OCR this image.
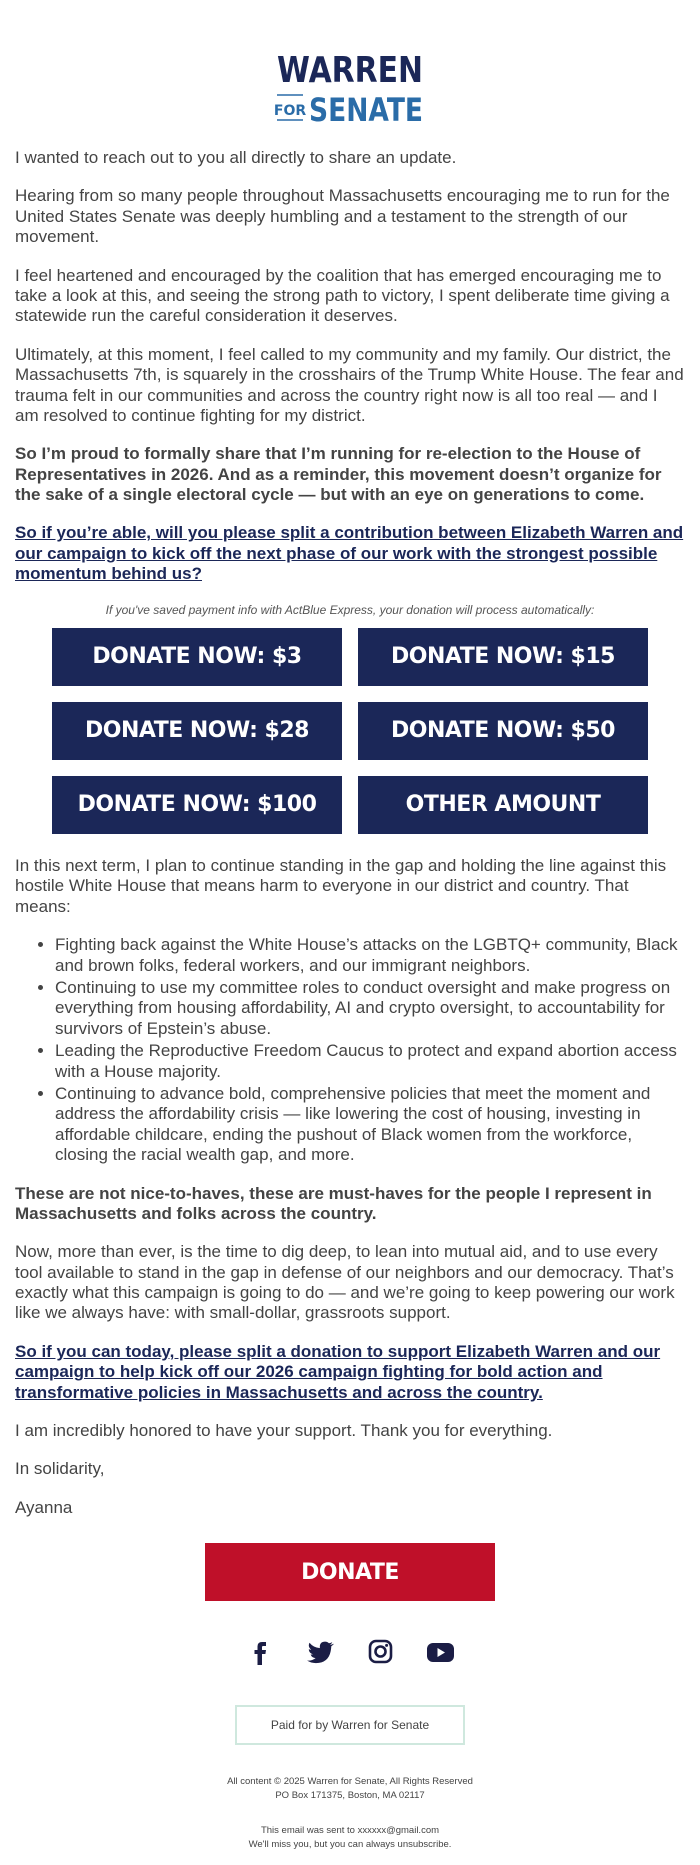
WARREN
FOR SENATE

I wanted to reach out to you all directly to share an update.

Hearing from so many people throughout Massachusetts encouraging me to run for the United States Senate was deeply humbling and a testament to the strength of our movement.

I feel heartened and encouraged by the coalition that has emerged encouraging me to take a look at this, and seeing the strong path to victory, I spent deliberate time giving a statewide run the careful consideration it deserves.

Ultimately, at this moment, I feel called to my community and my family. Our district, the Massachusetts 7th, is squarely in the crosshairs of the Trump White House. The fear and trauma felt in our communities and across the country right now is all too real — and I am resolved to continue fighting for my district.

So I’m proud to formally share that I’m running for re-election to the House of Representatives in 2026. And as a reminder, this movement doesn’t organize for the sake of a single electoral cycle — but with an eye on generations to come.

So if you’re able, will you please split a contribution between Elizabeth Warren and our campaign to kick off the next phase of our work with the strongest possible momentum behind us?

If you've saved payment info with ActBlue Express, your donation will process automatically:
DONATE NOW: $3	DONATE NOW: $15
DONATE NOW: $28	DONATE NOW: $50
DONATE NOW: $100	OTHER AMOUNT

In this next term, I plan to continue standing in the gap and holding the line against this hostile White House that means harm to everyone in our district and country. That means:

• Fighting back against the White House’s attacks on the LGBTQ+ community, Black and brown folks, federal workers, and our immigrant neighbors.
• Continuing to use my committee roles to conduct oversight and make progress on everything from housing affordability, AI and crypto oversight, to accountability for survivors of Epstein’s abuse.
• Leading the Reproductive Freedom Caucus to protect and expand abortion access with a House majority.
• Continuing to advance bold, comprehensive policies that meet the moment and address the affordability crisis — like lowering the cost of housing, investing in affordable childcare, ending the pushout of Black women from the workforce, closing the racial wealth gap, and more.

These are not nice-to-haves, these are must-haves for the people I represent in Massachusetts and folks across the country.

Now, more than ever, is the time to dig deep, to lean into mutual aid, and to use every tool available to stand in the gap in defense of our neighbors and our democracy. That’s exactly what this campaign is going to do — and we’re going to keep powering our work like we always have: with small-dollar, grassroots support.

So if you can today, please split a donation to support Elizabeth Warren and our campaign to help kick off our 2026 campaign fighting for bold action and transformative policies in Massachusetts and across the country.

I am incredibly honored to have your support. Thank you for everything.

In solidarity,

Ayanna

DONATE
Paid for by Warren for Senate
All content © 2025 Warren for Senate, All Rights Reserved
PO Box 171375, Boston, MA 02117
This email was sent to xxxxxx@gmail.com
We'll miss you, but you can always unsubscribe.
